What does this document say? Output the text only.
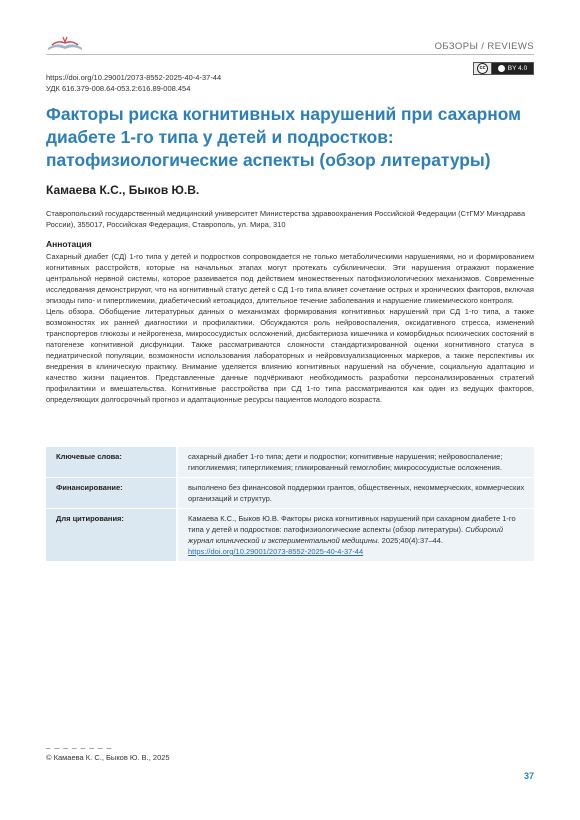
ОБЗОРЫ / REVIEWS
cc	BY 4.0
https://doi.org/10.29001/2073-8552-2025-40-4-37-44
УДК 616.379-008.64-053.2:616.89-008.454
Факторы риска когнитивных нарушений при сахарном диабете 1-го типа у детей и подростков: патофизиологические аспекты (обзор литературы)
Камаева К.С., Быков Ю.В.
Ставропольский государственный медицинский университет Министерства здравоохранения Российской Федерации (СтГМУ Минздрава России), 355017, Российская Федерация, Ставрополь, ул. Мира, 310
Аннотация

Сахарный диабет (СД) 1-го типа у детей и подростков сопровождается не только метаболическими нарушениями, но и формированием когнитивных расстройств, которые на начальных этапах могут протекать субклинически. Эти нарушения отражают поражение центральной нервной системы, которое развивается под действием множественных патофизиологических механизмов. Современные исследования демонстрируют, что на когнитивный статус детей с СД 1-го типа влияет сочетание острых и хронических факторов, включая эпизоды гипо- и гипергликемии, диабетический кетоацидоз, длительное течение заболевания и нарушение гликемического контроля.

Цель обзора. Обобщение литературных данных о механизмах формирования когнитивных нарушений при СД 1-го типа, а также возможностях их ранней диагностики и профилактики. Обсуждаются роль нейровоспаления, оксидативного стресса, изменений транспортеров глюкозы и нейрогенеза, микрососудистых осложнений, дисбактериоза кишечника и коморбидных психических состояний в патогенезе когнитивной дисфункции. Также рассматриваются сложности стандартизированной оценки когнитивного статуса в педиатрической популяции, возможности использования лабораторных и нейровизуализационных маркеров, а также перспективы их внедрения в клиническую практику. Внимание уделяется влиянию когнитивных нарушений на обучение, социальную адаптацию и качество жизни пациентов. Представленные данные подчёркивают необходимость разработки персонализированных стратегий профилактики и вмешательства. Когнитивные расстройства при СД 1-го типа рассматриваются как один из ведущих факторов, определяющих долгосрочный прогноз и адаптационные ресурсы пациентов молодого возраста.

Ключевые слова:	сахарный диабет 1-го типа; дети и подростки; когнитивные нарушения; нейровоспаление; гипогликемия; гипергликемия; гликированный гемоглобин; микрососудистые осложнения.
Финансирование:	выполнено без финансовой поддержки грантов, общественных, некоммерческих, коммерческих организаций и структур.
Для цитирования:	Камаева К.С., Быков Ю.В. Факторы риска когнитивных нарушений при сахарном диабете 1-го типа у детей и подростков: патофизиологические аспекты (обзор литературы). Сибирский журнал клинической и экспериментальной медицины. 2025;40(4):37–44. https://doi.org/10.29001/2073-8552-2025-40-4-37-44
_ _ _ _ _ _ _ _
© Камаева К. С., Быков Ю. В., 2025
37
